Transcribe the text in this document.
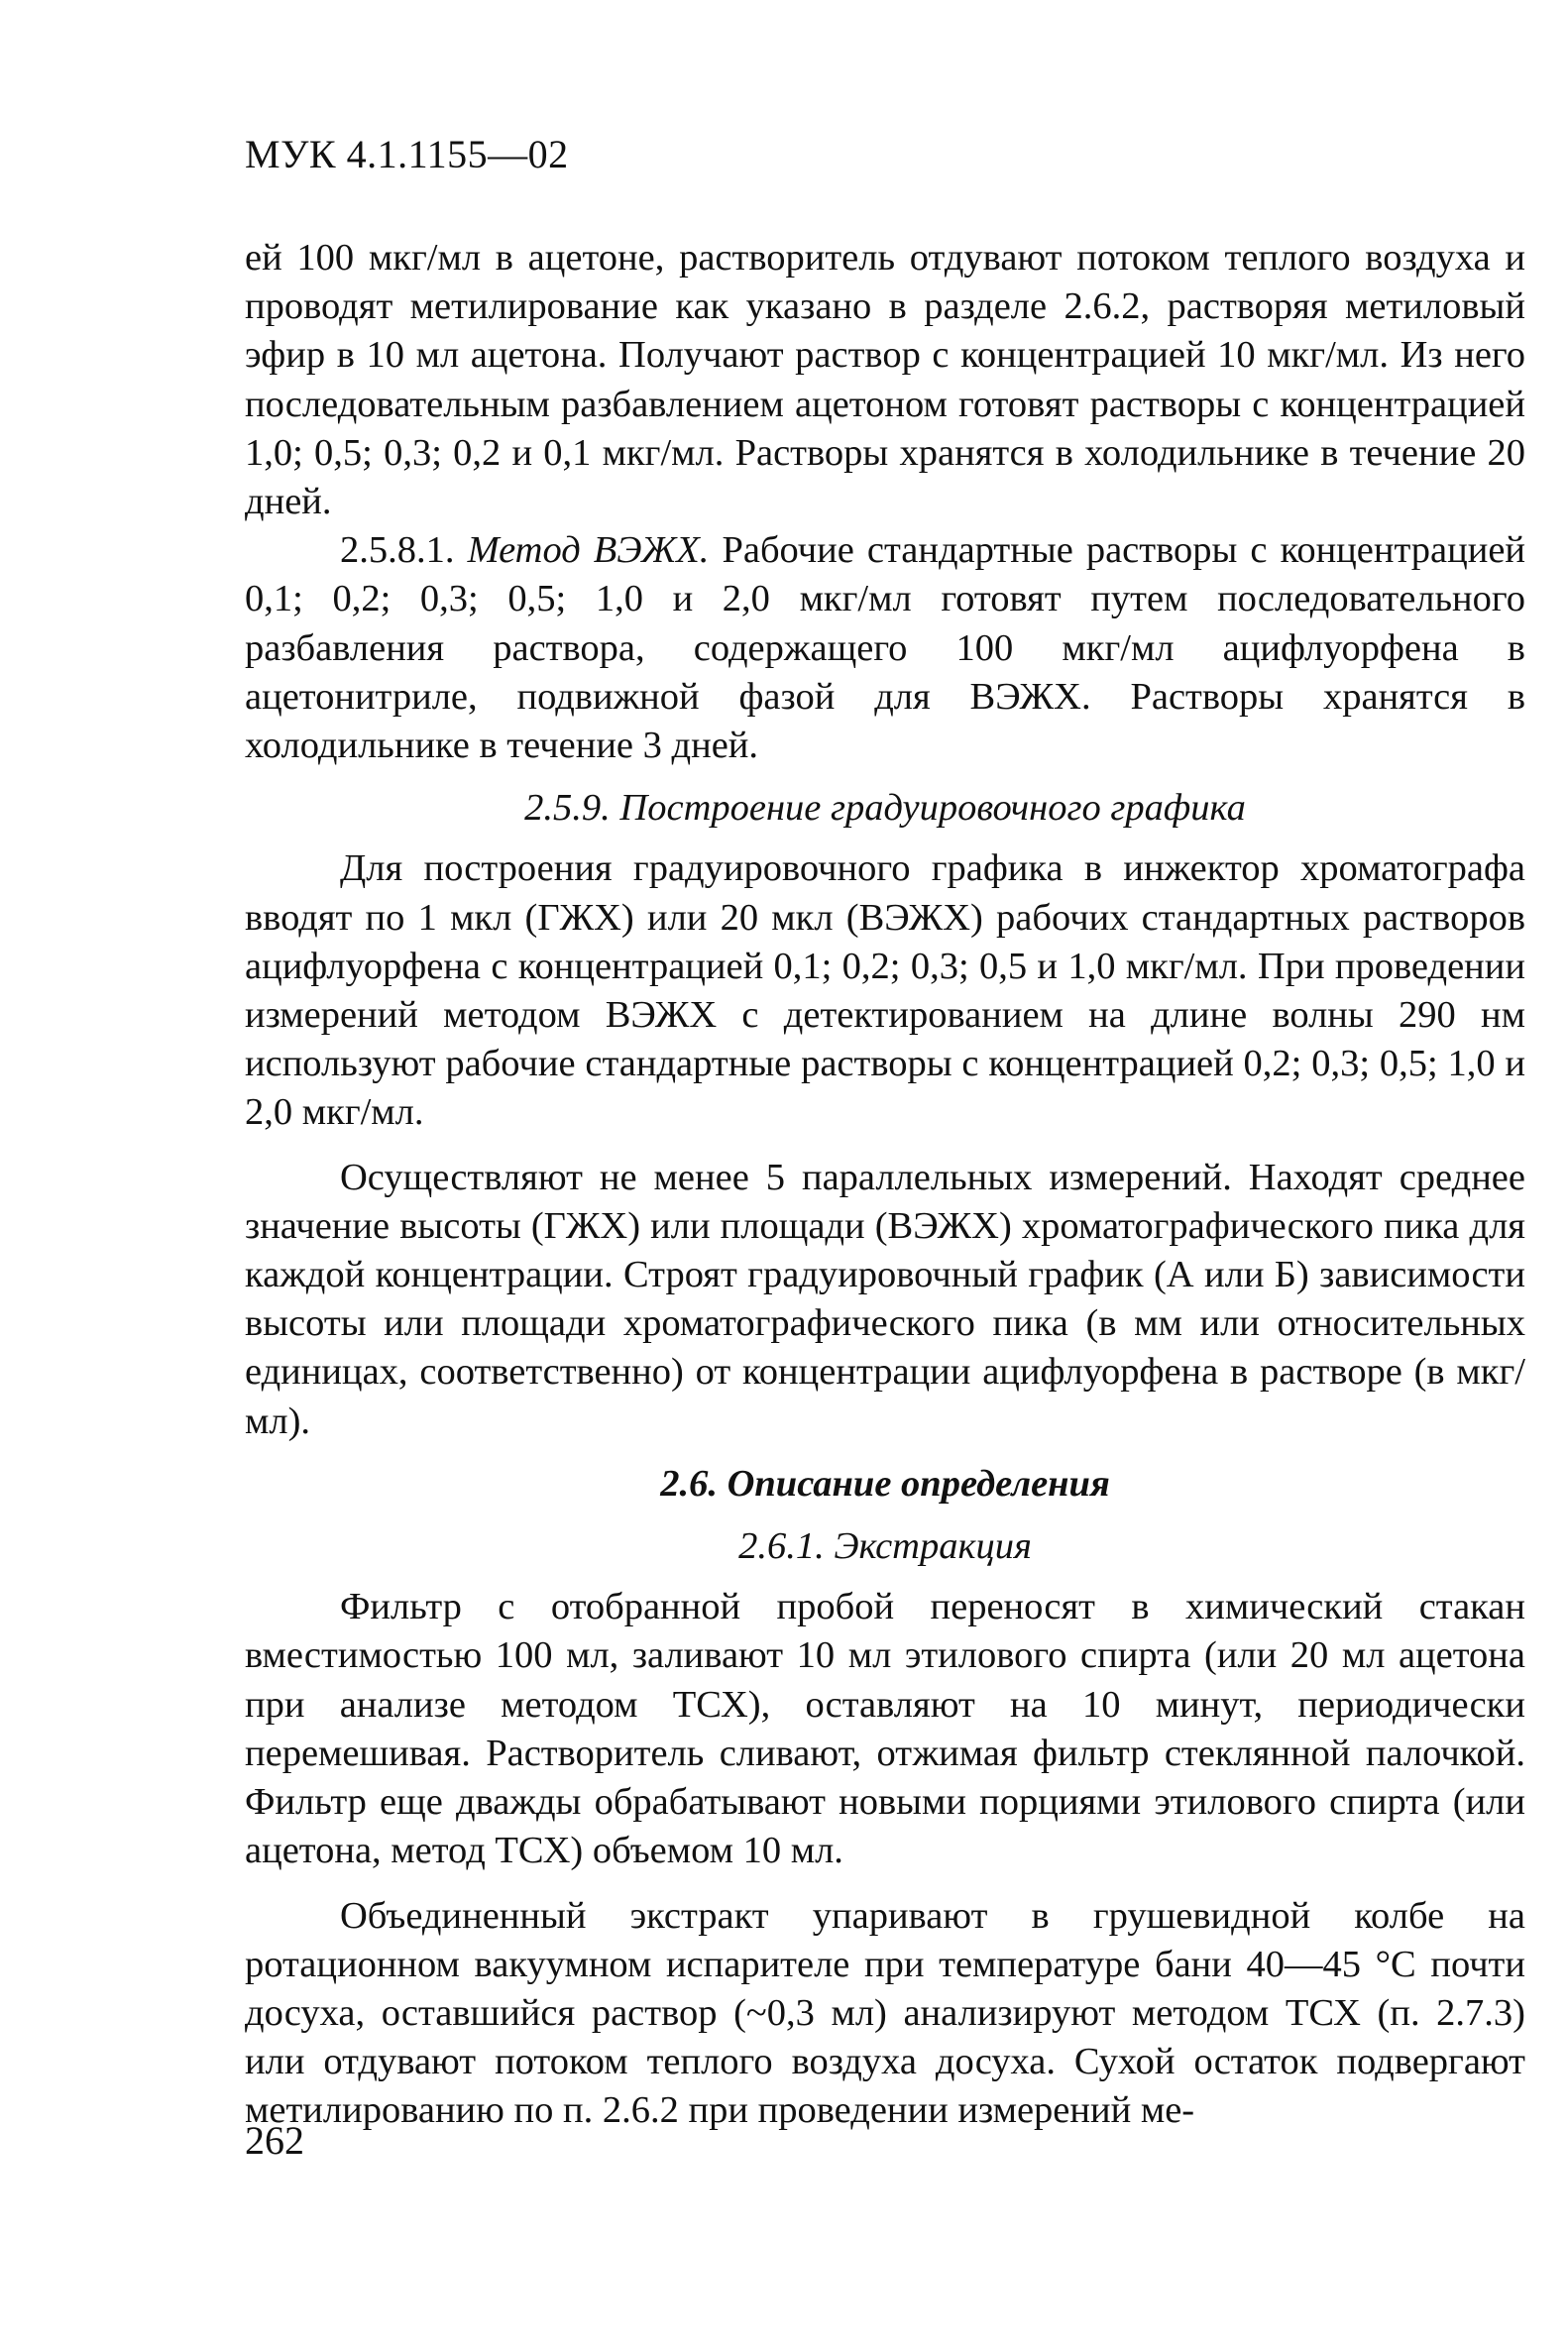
МУК 4.1.1155—02

ей 100 мкг/мл в ацетоне, растворитель отдувают потоком теплого воздуха и проводят метилирование как указано в разделе 2.6.2, растворяя метиловый эфир в 10 мл ацетона. Получают раствор с концентрацией 10 мкг/мл. Из него последовательным разбавлением ацетоном готовят растворы с концентрацией 1,0; 0,5; 0,3; 0,2 и 0,1 мкг/мл. Растворы хранятся в холодильнике в течение 20 дней.

2.5.8.1. Метод ВЭЖХ. Рабочие стандартные растворы с концентрацией 0,1; 0,2; 0,3; 0,5; 1,0 и 2,0 мкг/мл готовят путем последовательного разбавления раствора, содержащего 100 мкг/мл ацифлуорфена в ацетонитриле, подвижной фазой для ВЭЖХ. Растворы хранятся в холодильнике в течение 3 дней.

2.5.9. Построение градуировочного графика

Для построения градуировочного графика в инжектор хроматографа вводят по 1 мкл (ГЖХ) или 20 мкл (ВЭЖХ) рабочих стандартных растворов ацифлуорфена с концентрацией 0,1; 0,2; 0,3; 0,5 и 1,0 мкг/мл. При проведении измерений методом ВЭЖХ с детектированием на длине волны 290 нм используют рабочие стандартные растворы с концентрацией 0,2; 0,3; 0,5; 1,0 и 2,0 мкг/мл.

Осуществляют не менее 5 параллельных измерений. Находят среднее значение высоты (ГЖХ) или площади (ВЭЖХ) хроматографического пика для каждой концентрации. Строят градуировочный график (А или Б) зависимости высоты или площади хроматографического пика (в мм или относительных единицах, соответственно) от концентрации ацифлуорфена в растворе (в мкг/мл).

2.6. Описание определения
2.6.1. Экстракция

Фильтр с отобранной пробой переносят в химический стакан вместимостью 100 мл, заливают 10 мл этилового спирта (или 20 мл ацетона при анализе методом ТСХ), оставляют на 10 минут, периодически перемешивая. Растворитель сливают, отжимая фильтр стеклянной палочкой. Фильтр еще дважды обрабатывают новыми порциями этилового спирта (или ацетона, метод ТСХ) объемом 10 мл.

Объединенный экстракт упаривают в грушевидной колбе на ротационном вакуумном испарителе при температуре бани 40—45 °С почти досуха, оставшийся раствор (~0,3 мл) анализируют методом ТСХ (п. 2.7.3) или отдувают потоком теплого воздуха досуха. Сухой остаток подвергают метилированию по п. 2.6.2 при проведении измерений ме-

262
